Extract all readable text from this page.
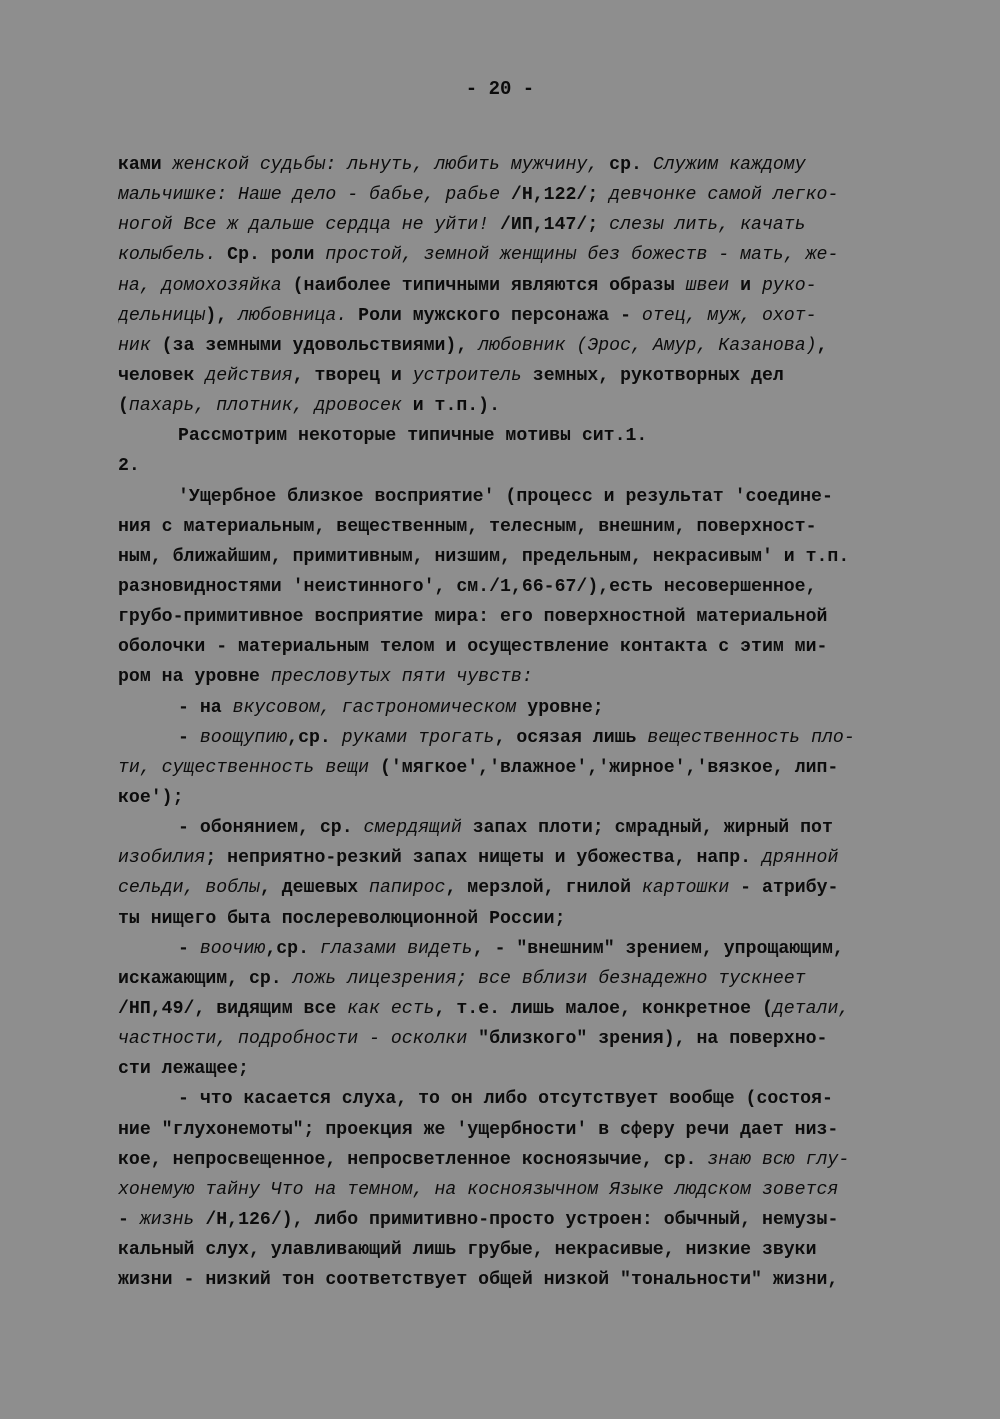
- 20 -
ками женской судьбы: льнуть, любить мужчину, ср. Служим каждому
мальчишке: Наше дело - бабье, рабье /Н,122/; девчонке самой легко-
ногой Все ж дальше сердца не уйти! /ИП,147/; слезы лить, качать
колыбель. Ср. роли простой, земной женщины без божеств - мать, же-
на, домохозяйка (наиболее типичными являются образы швеи и руко-
дельницы), любовница. Роли мужского персонажа - отец, муж, охот-
ник (за земными удовольствиями), любовник (Эрос, Амур, Казанова),
человек действия, творец и устроитель земных, рукотворных дел
(пахарь, плотник, дровосек и т.п.).
Рассмотрим некоторые типичные мотивы сит.1.
2.
'Ущербное близкое восприятие' (процесс и результат 'соедине-
ния с материальным, вещественным, телесным, внешним, поверхност-
ным, ближайшим, примитивным, низшим, предельным, некрасивым' и т.п.
разновидностями 'неистинного', см./1,66-67/),есть несовершенное,
грубо-примитивное восприятие мира: его поверхностной материальной
оболочки - материальным телом и осуществление контакта с этим ми-
ром на уровне пресловутых пяти чувств:
- на вкусовом, гастрономическом уровне;
- воощупию,ср. руками трогать, осязая лишь вещественность пло-
ти, существенность вещи ('мягкое','влажное','жирное','вязкое, лип-
кое');
- обонянием, ср. смердящий запах плоти; смрадный, жирный пот
изобилия; неприятно-резкий запах нищеты и убожества, напр. дрянной
сельди, воблы, дешевых папирос, мерзлой, гнилой картошки - атрибу-
ты нищего быта послереволюционной России;
- воочию,ср. глазами видеть, - "внешним" зрением, упрощающим,
искажающим, ср. ложь лицезрения; все вблизи безнадежно тускнеет
/НП,49/, видящим все как есть, т.е. лишь малое, конкретное (детали,
частности, подробности - осколки "близкого" зрения), на поверхно-
сти лежащее;
- что касается слуха, то он либо отсутствует вообще (состоя-
ние "глухонемоты"; проекция же 'ущербности' в сферу речи дает низ-
кое, непросвещенное, непросветленное косноязычие, ср. знаю всю глу-
хонемую тайну Что на темном, на косноязычном Языке людском зовется
- жизнь /Н,126/), либо примитивно-просто устроен: обычный, немузы-
кальный слух, улавливающий лишь грубые, некрасивые, низкие звуки
жизни - низкий тон соответствует общей низкой "тональности" жизни,
